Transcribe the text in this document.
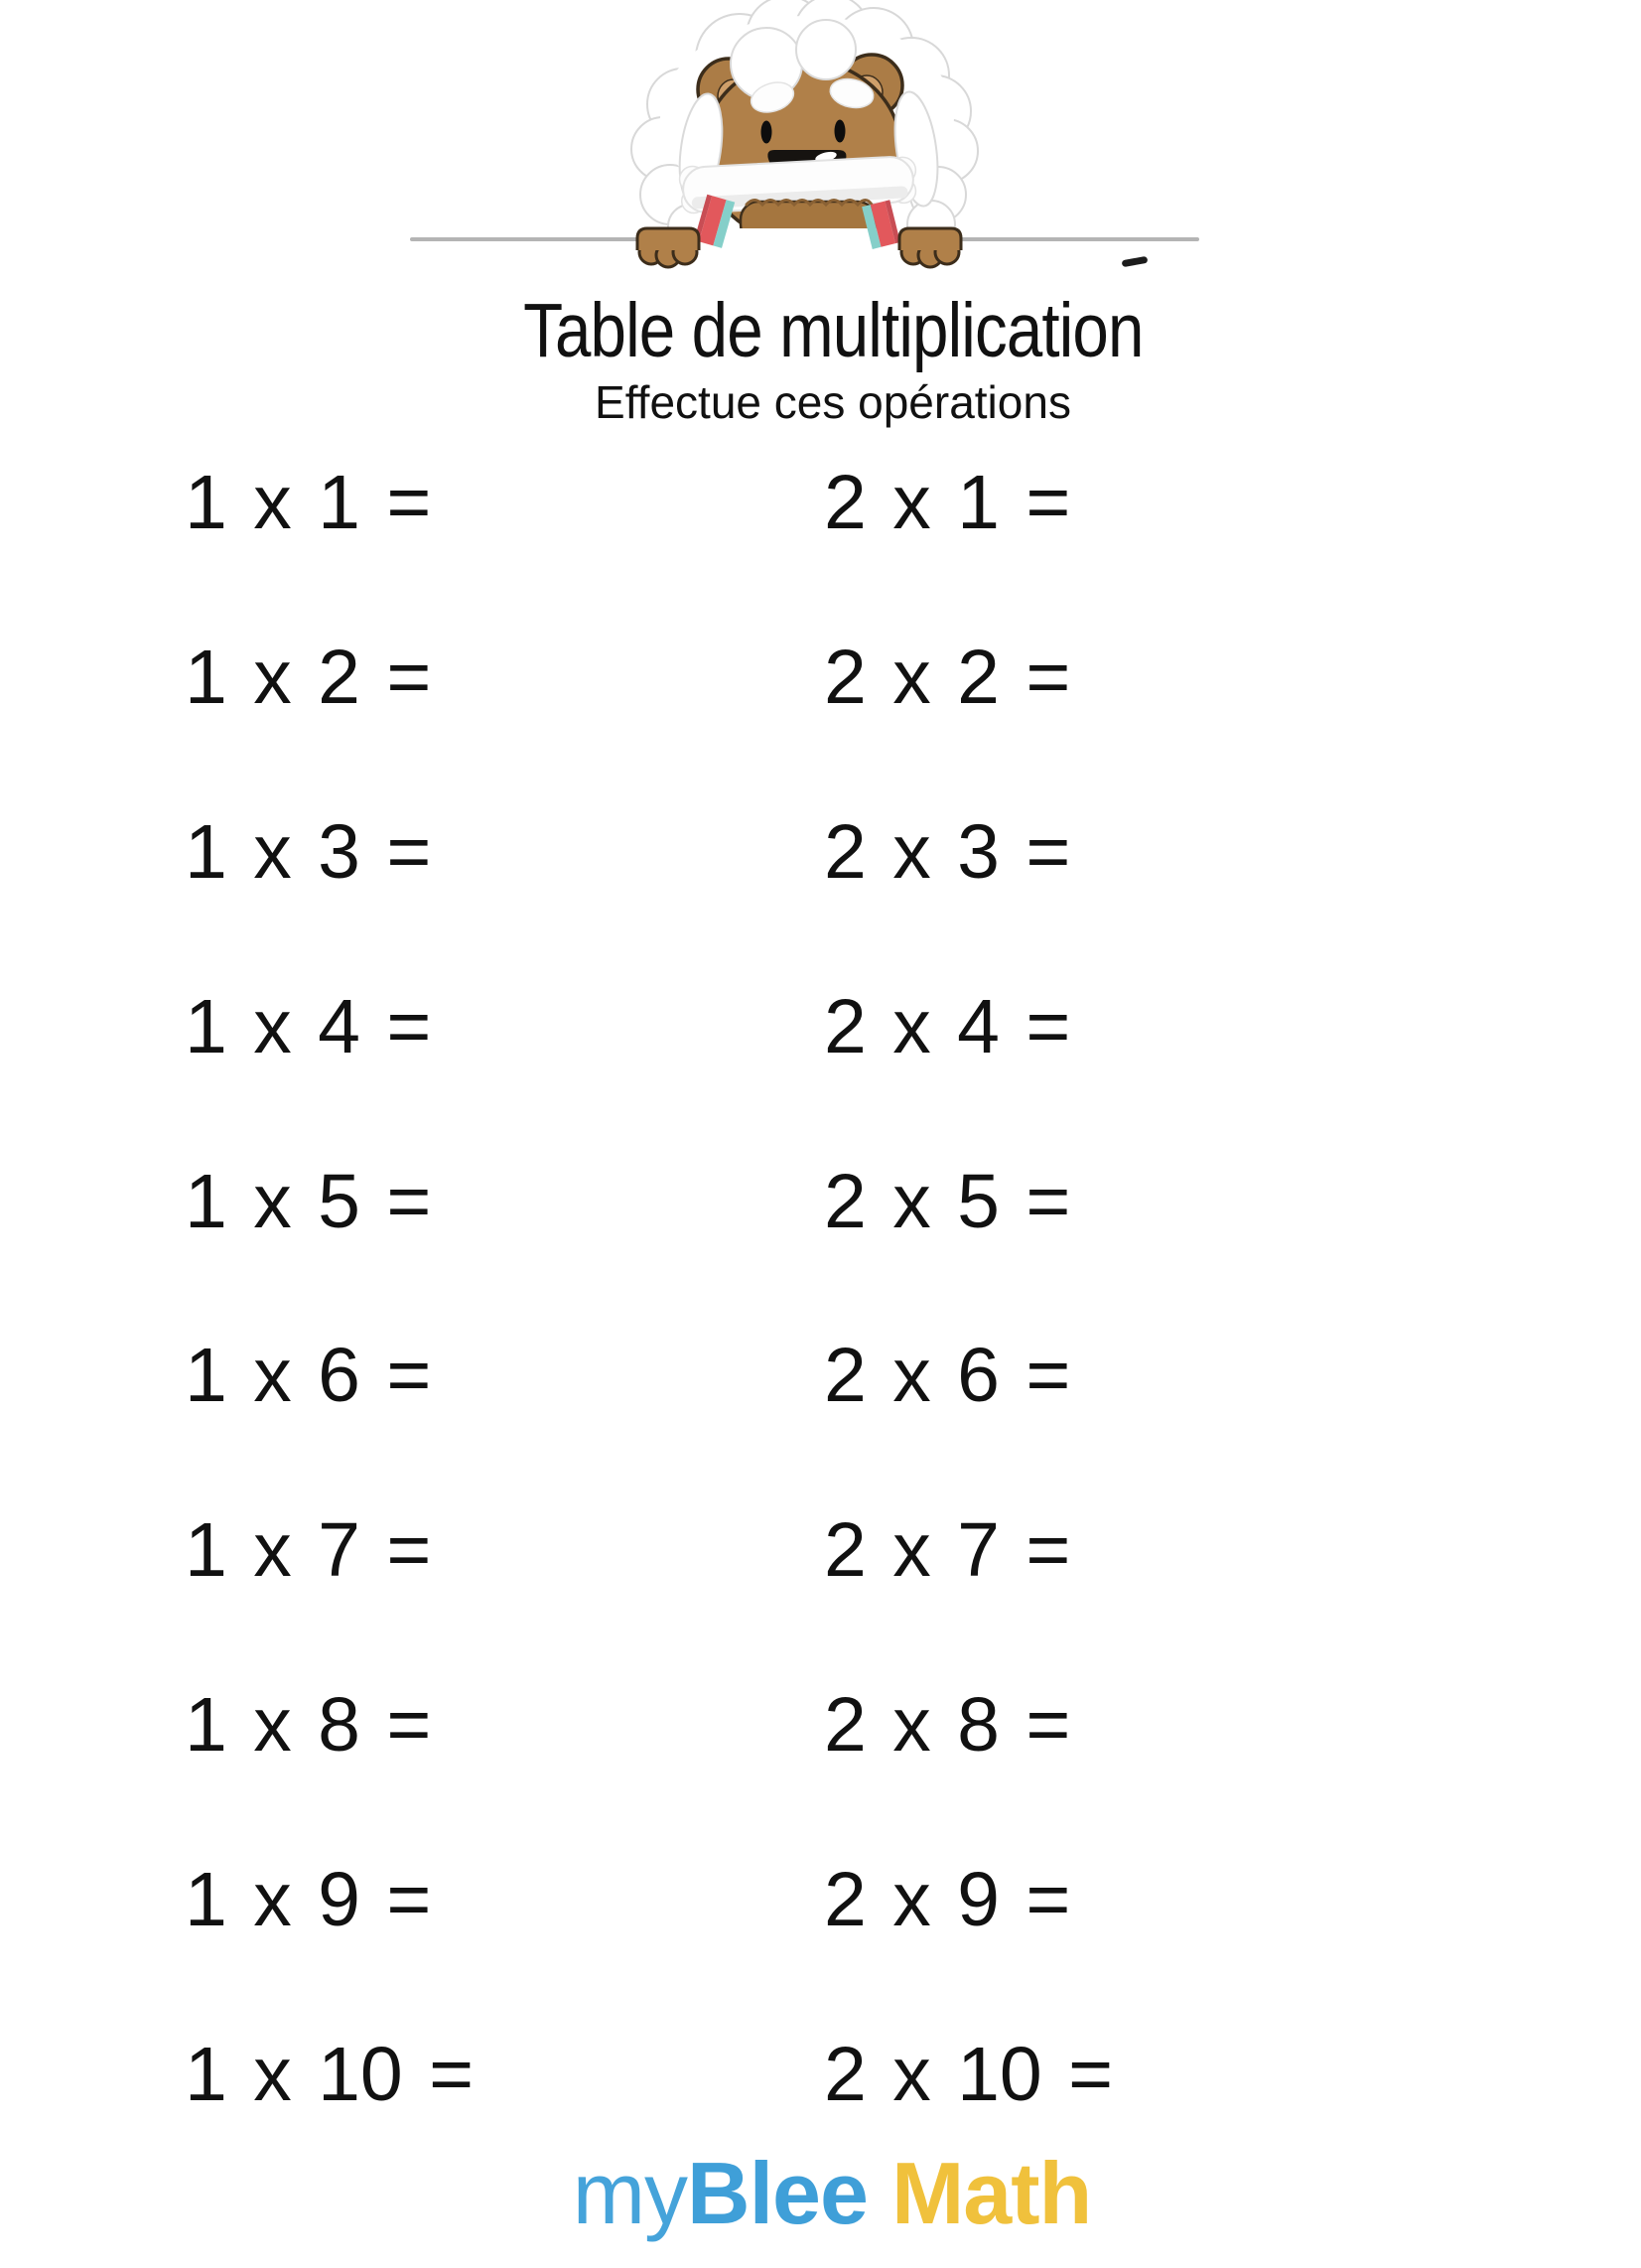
Table de multiplication
Effectue ces opérations
1 x 1 =
1 x 2 =
1 x 3 =
1 x 4 =
1 x 5 =
1 x 6 =
1 x 7 =
1 x 8 =
1 x 9 =
1 x 10 =
2 x 1 =
2 x 2 =
2 x 3 =
2 x 4 =
2 x 5 =
2 x 6 =
2 x 7 =
2 x 8 =
2 x 9 =
2 x 10 =
myBlee Math
